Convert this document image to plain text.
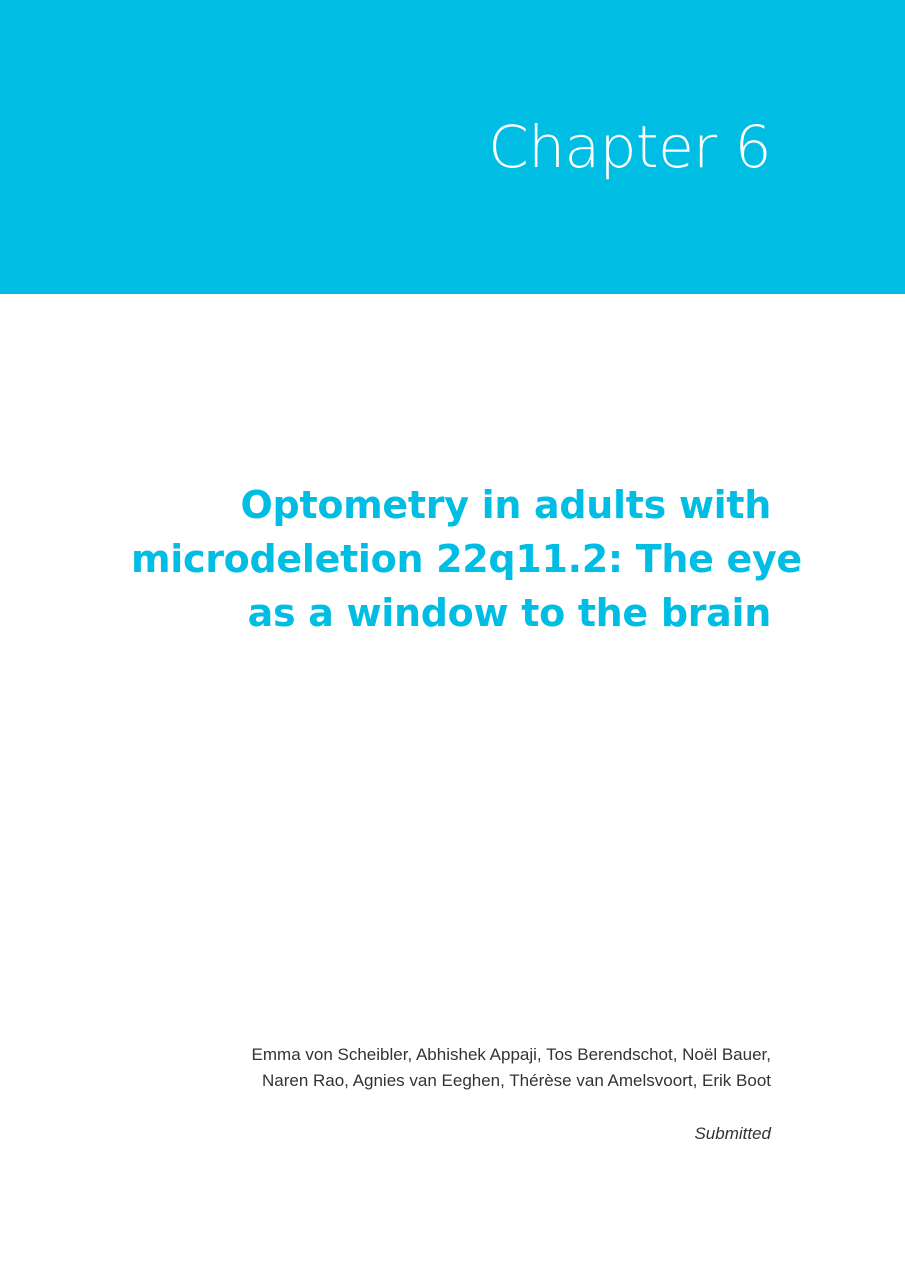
Chapter 6
Optometry in adults with
microdeletion 22q11.2: The eye
as a window to the brain
Emma von Scheibler, Abhishek Appaji, Tos Berendschot, Noël Bauer,
Naren Rao, Agnies van Eeghen, Thérèse van Amelsvoort, Erik Boot
Submitted
